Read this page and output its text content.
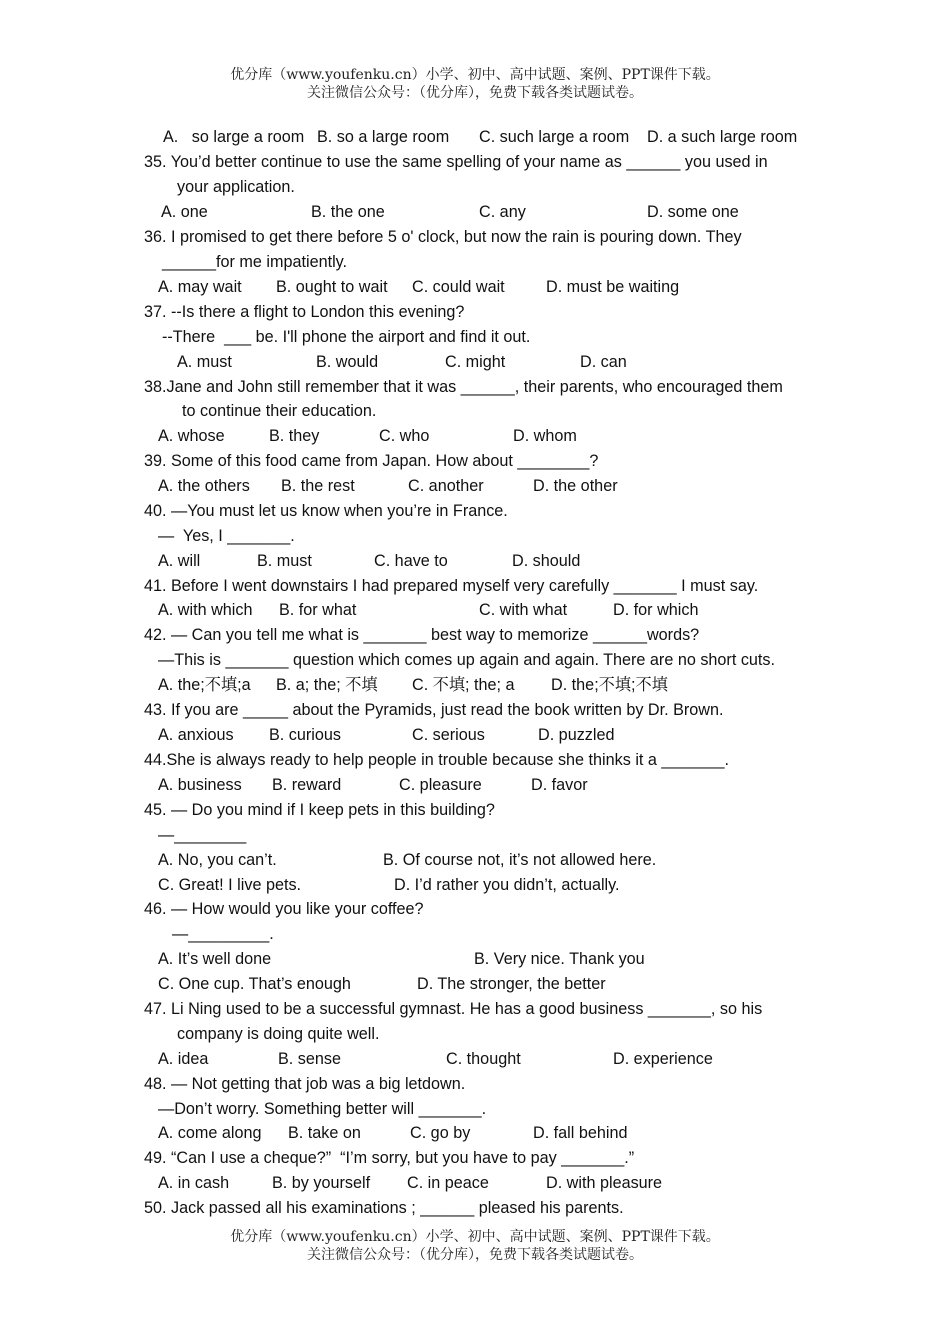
优分库（www.youfenku.cn）小学、初中、高中试题、案例、PPT课件下载。
关注微信公众号：（优分库），免费下载各类试题试卷。

A.   so large a room

B. so a large room

C. such large a room

D. a such large room

35. You’d better continue to use the same spelling of your name as ______ you used in
your application.

A. one

	B. the one

	C. any

	D. some one

36. I promised to get there before 5 o' clock, but now the rain is pouring down. They
______for me impatiently.

A. may wait

B. ought to wait

C. could wait

	D. must be waiting

37. --Is there a flight to London this evening?
--There  ___ be. I'll phone the airport and find it out.

A. must

	B. would

	C. might

	D. can

38.Jane and John still remember that it was ______, their parents, who encouraged them
to continue their education.

A. whose

	B. they

	C. who

	D. whom

39. Some of this food came from Japan. How about ________?

A. the others

B. the rest

	C. another

	D. the other

40. —You must let us know when you’re in France.
—  Yes, I _______.

A. will

	B. must

	C. have to

	D. should

41. Before I went downstairs I had prepared myself very carefully _______ I must say.

A. with which

B. for what

	C. with what

	D. for which

42. — Can you tell me what is _______ best way to memorize ______words?
—This is _______ question which comes up again and again. There are no short cuts.

A. the;不填;a

B. a; the; 不填

C. 不填; the; a

D. the;不填;不填

43. If you are _____ about the Pyramids, just read the book written by Dr. Brown.

A. anxious

B. curious

	C. serious

	D. puzzled

44.She is always ready to help people in trouble because she thinks it a _______.

A. business

B. reward

	C. pleasure

	D. favor

45. — Do you mind if I keep pets in this building?
—________

A. No, you can’t.

	B. Of course not, it’s not allowed here.

C. Great! I live pets.

	D. I’d rather you didn’t, actually.

46. — How would you like your coffee?
—_________.

A. It’s well done

	B. Very nice. Thank you

C. One cup. That’s enough

	D. The stronger, the better

47. Li Ning used to be a successful gymnast. He has a good business _______, so his
company is doing quite well.

A. idea

	B. sense

	C. thought

	D. experience

48. — Not getting that job was a big letdown.
—Don’t worry. Something better will _______.

A. come along

B. take on

	C. go by

	D. fall behind

49. “Can I use a cheque?”  “I’m sorry, but you have to pay _______.”

A. in cash

	B. by yourself

C. in peace

	D. with pleasure

50. Jack passed all his examinations ; ______ pleased his parents.
优分库（www.youfenku.cn）小学、初中、高中试题、案例、PPT课件下载。
关注微信公众号：（优分库），免费下载各类试题试卷。
